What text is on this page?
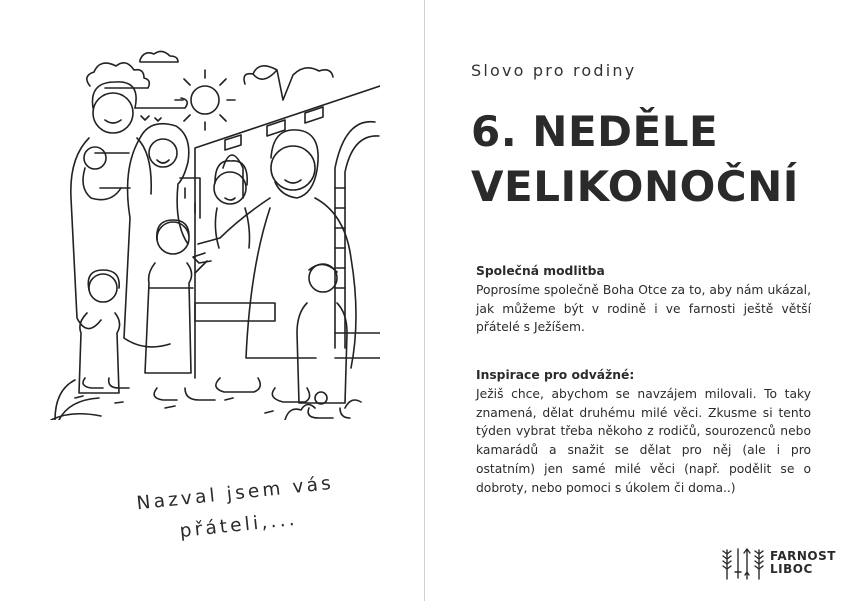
Nazval jsem vás
přáteli,...
Slovo pro rodiny
6. NEDĚLE
VELIKONOČNÍ
Společná modlitba
Poprosíme společně Boha Otce za to, aby nám ukázal, jak můžeme být v rodině i ve farnosti ještě větší přátelé s Ježíšem.
Inspirace pro odvážné:
Ježiš chce, abychom se navzájem milovali. To taky znamená, dělat druhému milé věci. Zkusme si tento týden vybrat třeba někoho z rodičů, sourozenců nebo kamarádů a snažit se dělat pro něj (ale i pro ostatním) jen samé milé věci (např. podělit se o dobroty, nebo pomoci s úkolem či doma..)
FARNOST
LIBOC
